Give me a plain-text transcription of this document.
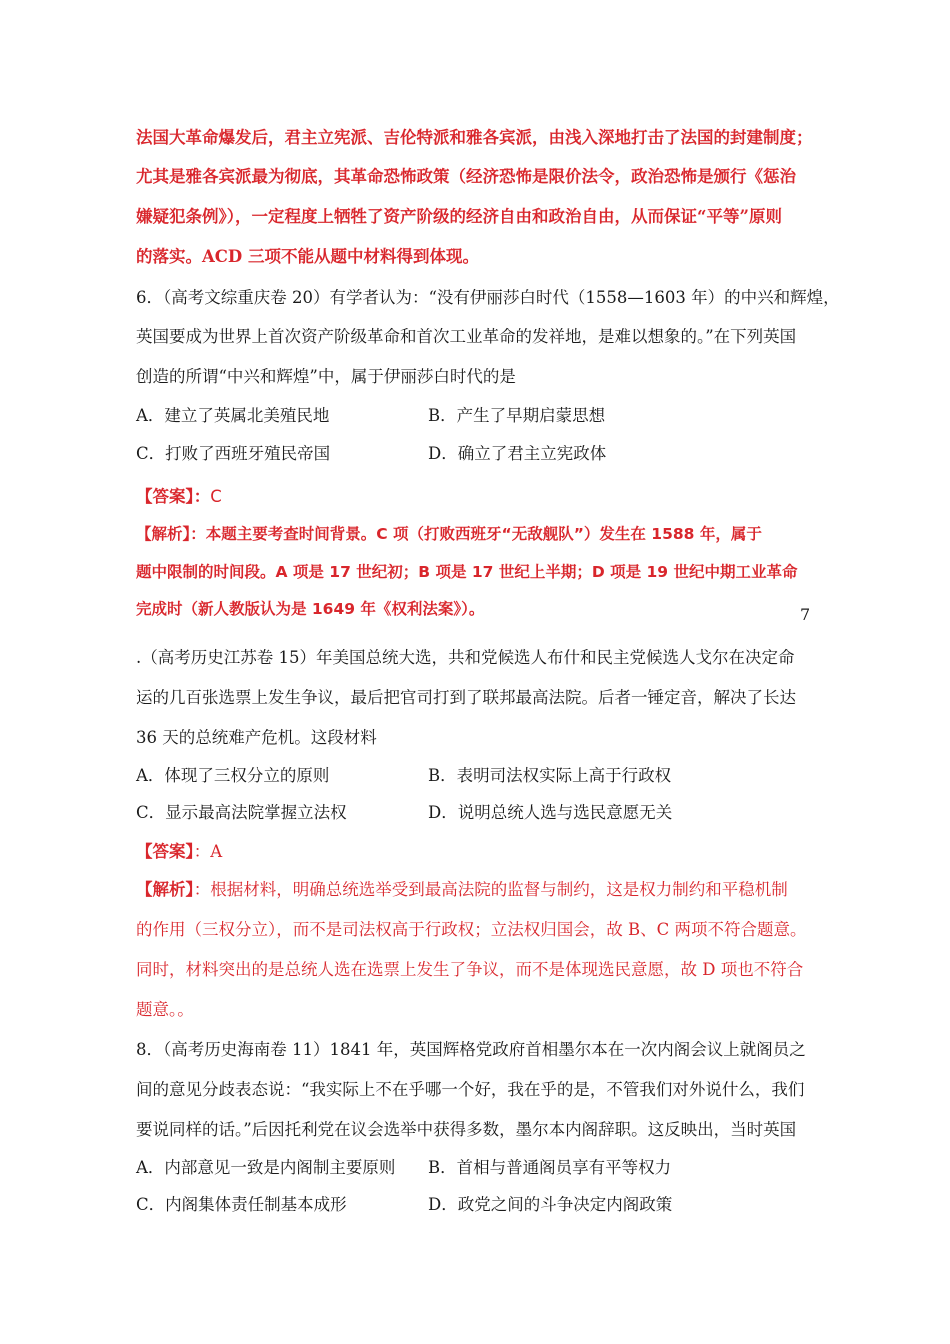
法国大革命爆发后，君主立宪派、吉伦特派和雅各宾派，由浅入深地打击了法国的封建制度；
尤其是雅各宾派最为彻底，其革命恐怖政策（经济恐怖是限价法令，政治恐怖是颁行《惩治
嫌疑犯条例》），一定程度上牺牲了资产阶级的经济自由和政治自由，从而保证“平等”原则
的落实。ACD 三项不能从题中材料得到体现。
6．（高考文综重庆卷 20）有学者认为：“没有伊丽莎白时代（1558—1603 年）的中兴和辉煌，
英国要成为世界上首次资产阶级革命和首次工业革命的发祥地，是难以想象的。”在下列英国
创造的所谓“中兴和辉煌”中，属于伊丽莎白时代的是
A．建立了英属北美殖民地	B．产生了早期启蒙思想
C．打败了西班牙殖民帝国	D．确立了君主立宪政体
【答案】：C
【解析】：本题主要考查时间背景。C 项（打败西班牙“无敌舰队”）发生在 1588 年，属于
题中限制的时间段。A 项是 17 世纪初；B 项是 17 世纪上半期；D 项是 19 世纪中期工业革命
完成时（新人教版认为是 1649 年《权利法案》）。	7
.（高考历史江苏卷 15）年美国总统大选，共和党候选人布什和民主党候选人戈尔在决定命
运的几百张选票上发生争议，最后把官司打到了联邦最高法院。后者一锤定音，解决了长达
36 天的总统难产危机。这段材料
A．体现了三权分立的原则	B．表明司法权实际上高于行政权
C．显示最高法院掌握立法权	D．说明总统人选与选民意愿无关
【答案】：A
【解析】：根据材料，明确总统选举受到最高法院的监督与制约，这是权力制约和平稳机制
的作用（三权分立），而不是司法权高于行政权；立法权归国会，故 B、C 两项不符合题意。
同时，材料突出的是总统人选在选票上发生了争议，而不是体现选民意愿，故 D 项也不符合
题意。。
8．（高考历史海南卷 11）1841 年，英国辉格党政府首相墨尔本在一次内阁会议上就阁员之
间的意见分歧表态说：“我实际上不在乎哪一个好，我在乎的是，不管我们对外说什么，我们
要说同样的话。”后因托利党在议会选举中获得多数，墨尔本内阁辞职。这反映出，当时英国
A．内部意见一致是内阁制主要原则 B．首相与普通阁员享有平等权力
C．内阁集体责任制基本成形	D．政党之间的斗争决定内阁政策
